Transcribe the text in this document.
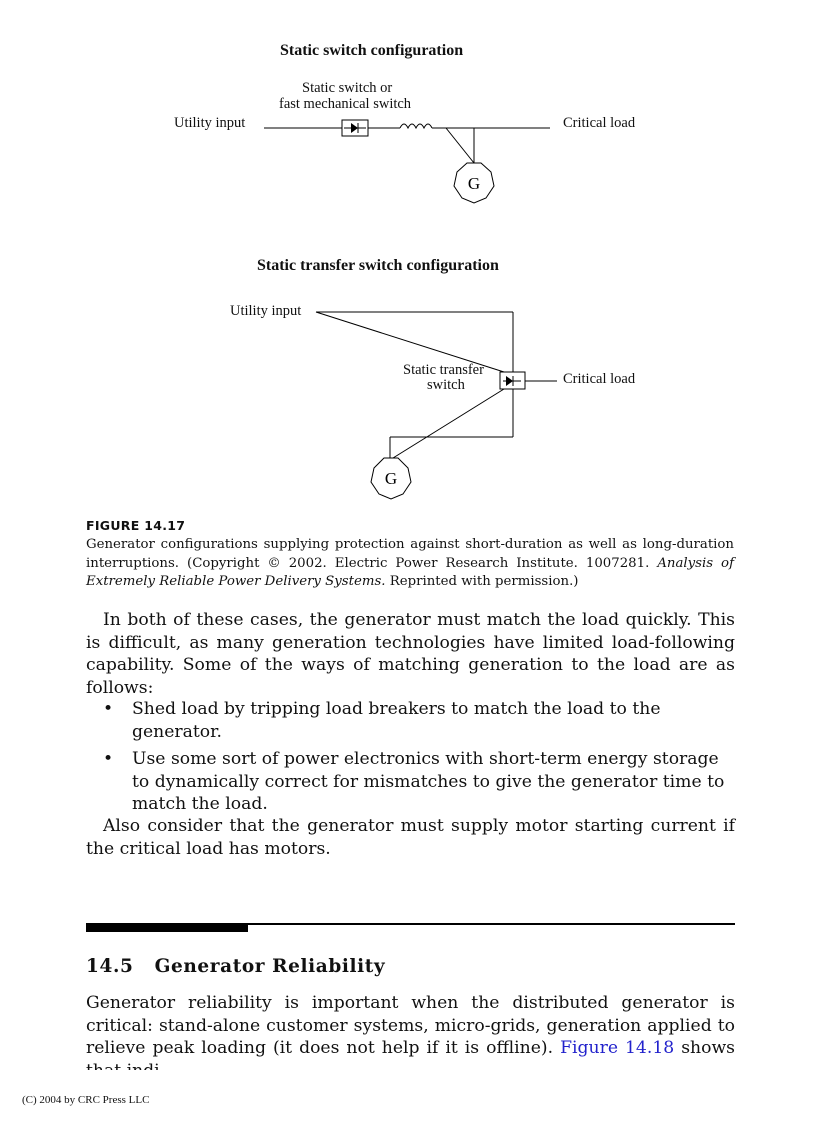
Static switch configuration
Static switch or
fast mechanical switch
Utility input	Critical load
Static transfer switch configuration
Utility input
Static transfer
switch	Critical load
G
G
FIGURE 14.17
Generator configurations supplying protection against short-duration as well as long-duration interruptions. (Copyright © 2002. Electric Power Research Institute. 1007281. Analysis of Extremely Reliable Power Delivery Systems. Reprinted with permission.)
In both of these cases, the generator must match the load quickly. This is difficult, as many generation technologies have limited load-following capability. Some of the ways of matching generation to the load are as follows:
• Shed load by tripping load breakers to match the load to the generator.
• Use some sort of power electronics with short-term energy storage to dynamically correct for mismatches to give the generator time to match the load.
Also consider that the generator must supply motor starting current if the critical load has motors.
14.5   Generator Reliability
Generator reliability is important when the distributed generator is critical: stand-alone customer systems, micro-grids, generation applied to relieve peak loading (it does not help if it is offline). Figure 14.18 shows
(C) 2004 by CRC Press LLC
